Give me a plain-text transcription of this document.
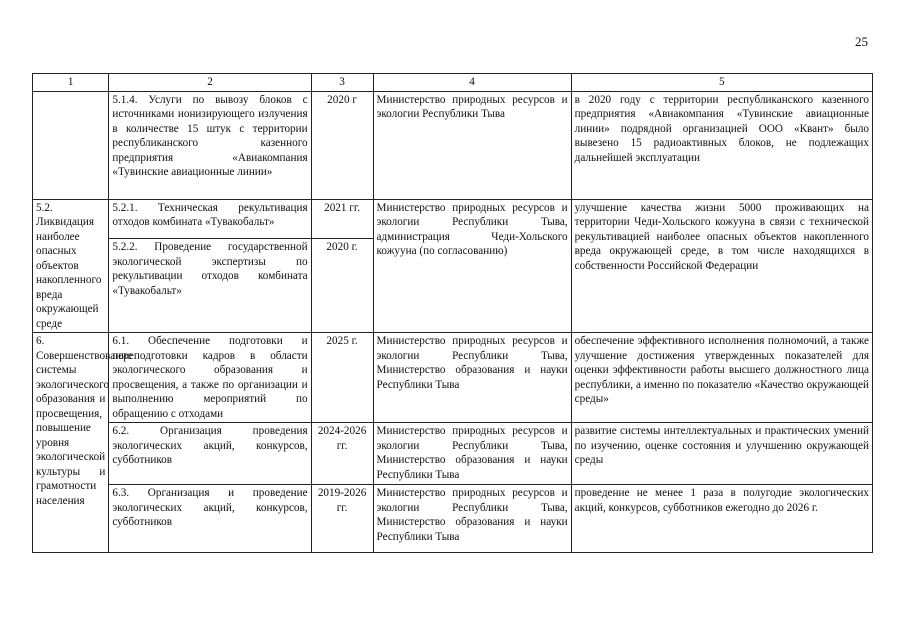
25
1	2	3	4	5
	5.1.4. Услуги по вывозу блоков с источниками ионизирующего излучения в количестве 15 штук с территории республиканского казенного предприятия «Авиакомпания «Тувинские авиационные линии»	2020 г	Министерство природных ресурсов и экологии Республики Тыва	в 2020 году с территории республиканского казенного предприятия «Авиакомпания «Тувинские авиационные линии» подрядной организацией ООО «Квант» было вывезено 15 радиоактивных блоков, не подлежащих дальнейшей эксплуатации
5.2. Ликвидация наиболее опасных объектов накопленного вреда окружающей среде	5.2.1. Техническая рекультивация отходов комбината «Тувакобальт»	2021 гг.	Министерство природных ресурсов и экологии Республики Тыва, администрация Чеди-Хольского кожууна (по согласованию)	улучшение качества жизни 5000 проживающих на территории Чеди-Хольского кожууна в связи с технической рекультивацией наиболее опасных объектов накопленного вреда окружающей среде, в том числе находящихся в собственности Российской Федерации
	5.2.2. Проведение государственной экологической экспертизы по рекультивации отходов комбината «Тувакобальт»	2020 г.		
6. Совершенствование системы экологического образования и просвещения, повышение уровня экологической культуры и грамотности населения	6.1. Обеспечение подготовки и переподготовки кадров в области экологического образования и просвещения, а также по организации и выполнению мероприятий по обращению с отходами	2025 г.	Министерство природных ресурсов и экологии Республики Тыва, Министерство образования и науки Республики Тыва	обеспечение эффективного исполнения полномочий, а также улучшение достижения утвержденных показателей для оценки эффективности работы высшего должностного лица республики, а именно по показателю «Качество окружающей среды»
	6.2. Организация проведения экологических акций, конкурсов, субботников	2024-2026 гг.	Министерство природных ресурсов и экологии Республики Тыва, Министерство образования и науки Республики Тыва	развитие системы интеллектуальных и практических умений по изучению, оценке состояния и улучшению окружающей среды
	6.3. Организация и проведение экологических акций, конкурсов, субботников	2019-2026 гг.	Министерство природных ресурсов и экологии Республики Тыва, Министерство образования и науки Республики Тыва	проведение не менее 1 раза в полугодие экологических акций, конкурсов, субботников ежегодно до 2026 г.
